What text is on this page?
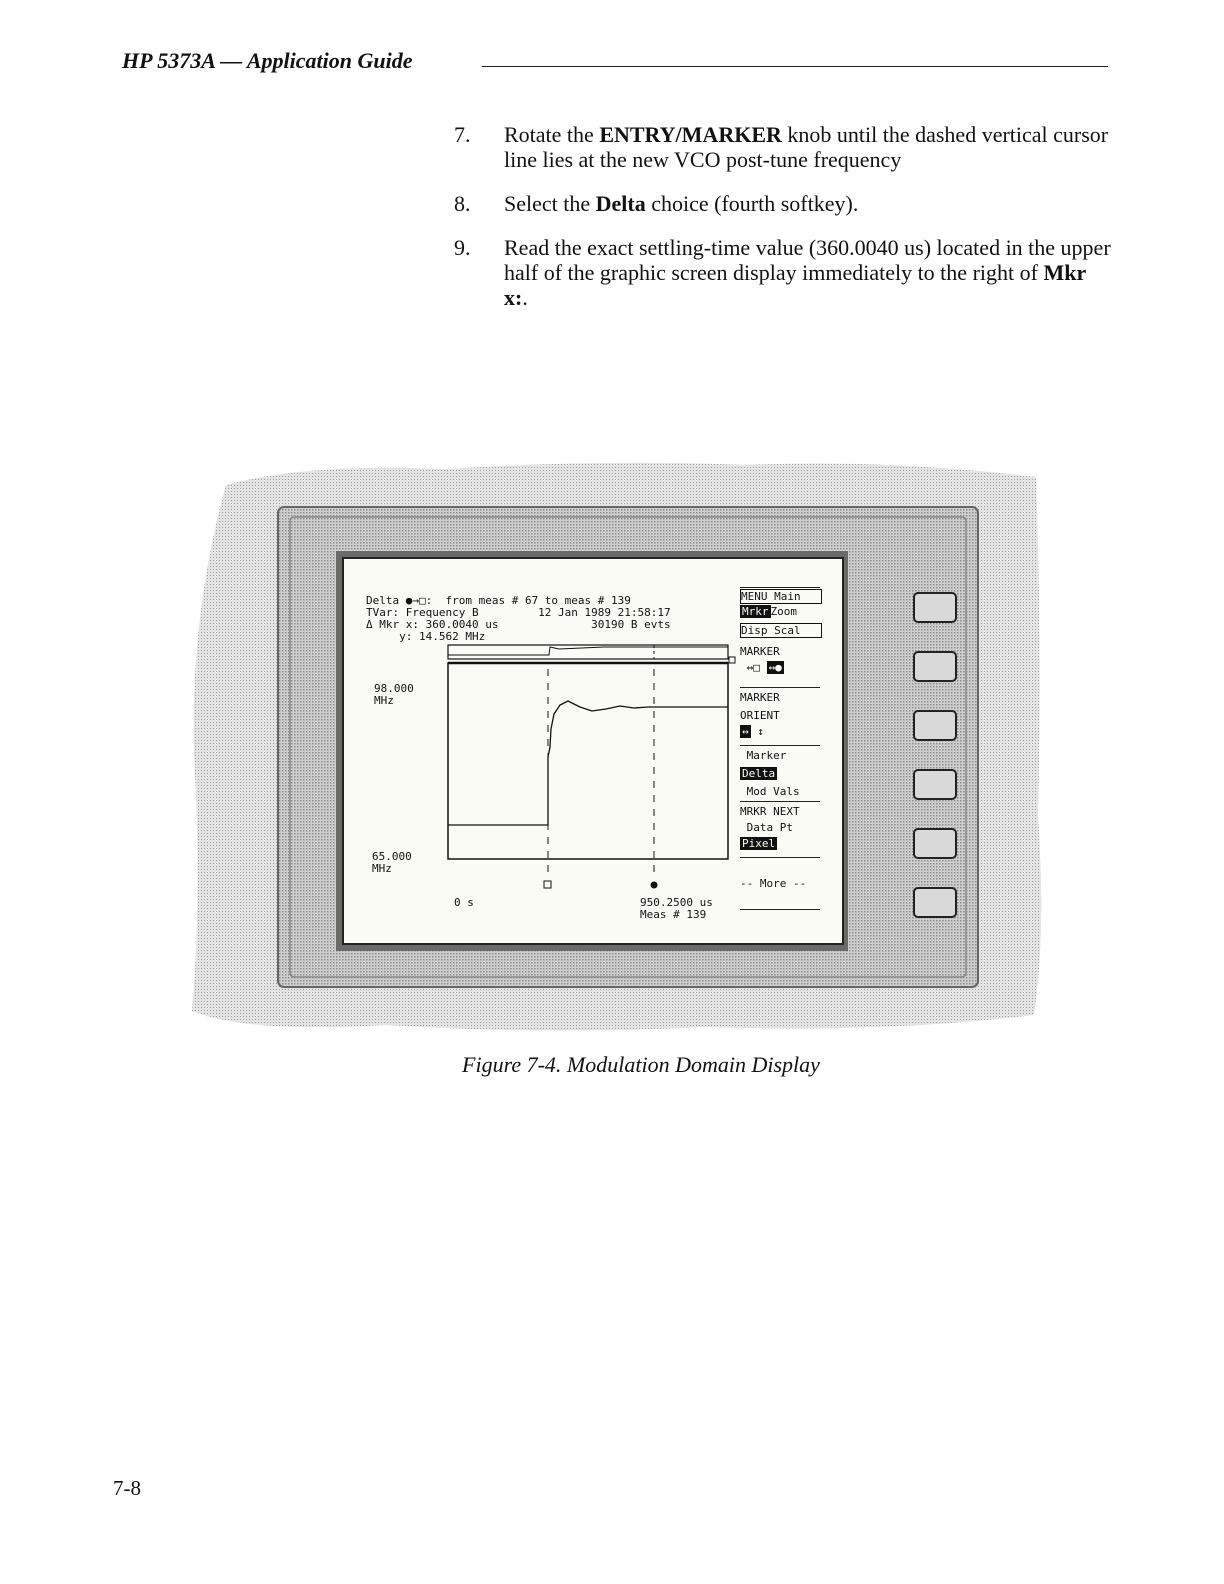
HP 5373A — Application Guide
7.	Rotate the ENTRY/MARKER knob until the dashed vertical cursor line lies at the new VCO post-tune frequency
8.	Select the Delta choice (fourth softkey).
9.	Read the exact settling-time value (360.0040 us) located in the upper half of the graphic screen display immediately to the right of Mkr x:.
Delta ●→□:  from meas # 67 to meas # 139
TVar: Frequency B         12 Jan 1989 21:58:17
Δ Mkr x: 360.0040 us              30190 B evts
y: 14.562 MHz
98.000
MHz
65.000
MHz
0 s	950.2500 us
Meas # 139
MENU Main
Mrkr Zoom
Disp Scal
MARKER
↔□ ↔●
MARKER
ORIENT
↔ ↕
Marker
Delta
Mod Vals
MRKR NEXT
Data Pt
Pixel
-- More --
Figure 7-4. Modulation Domain Display
7-8
